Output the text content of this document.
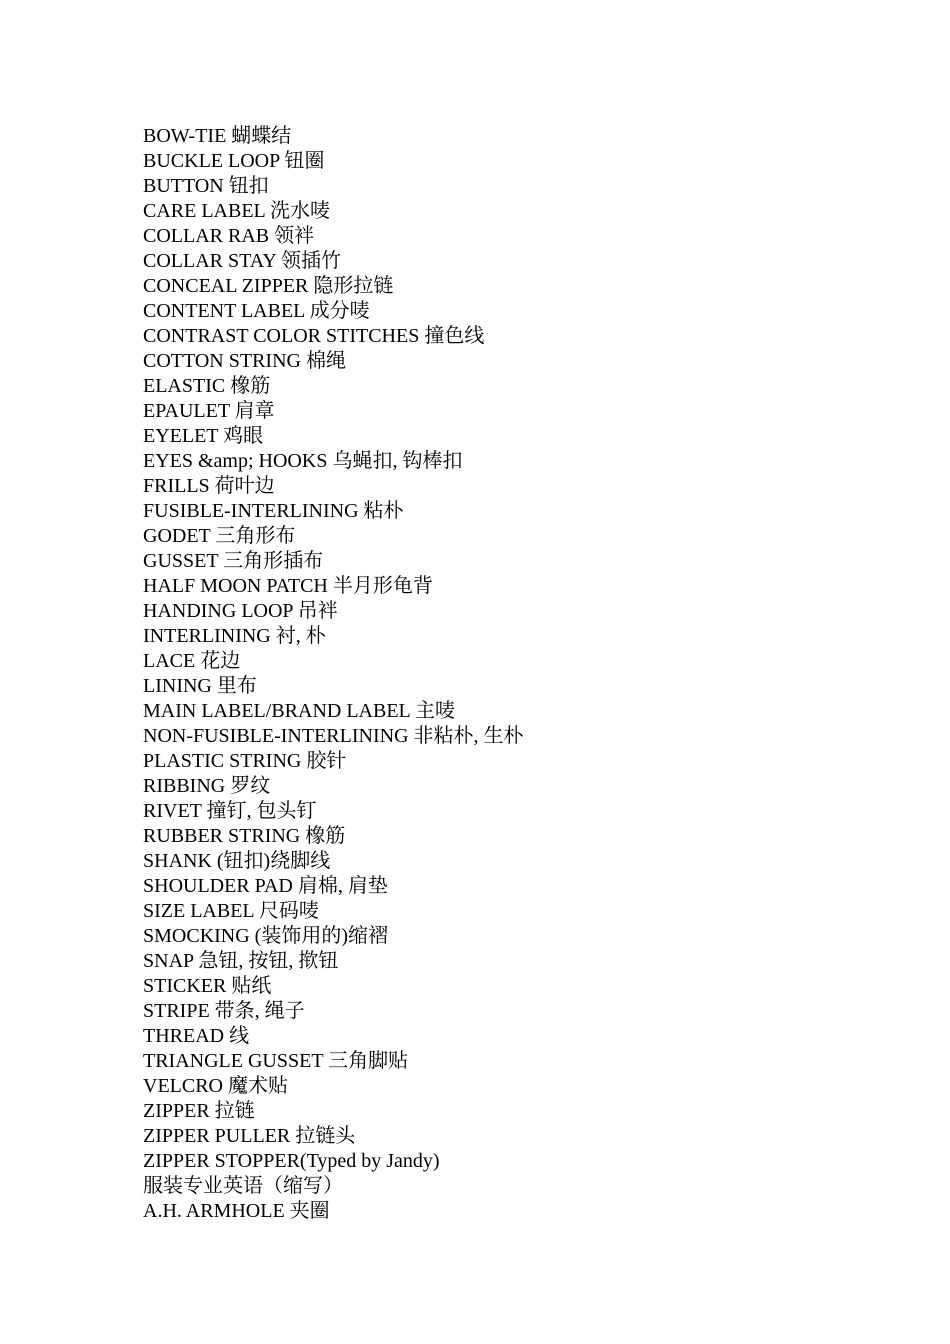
BOW-TIE 蝴蝶结
BUCKLE LOOP 钮圈
BUTTON 钮扣
CARE LABEL 洗水唛
COLLAR RAB 领袢
COLLAR STAY 领插竹
CONCEAL ZIPPER 隐形拉链
CONTENT LABEL 成分唛
CONTRAST COLOR STITCHES 撞色线
COTTON STRING 棉绳
ELASTIC 橡筋
EPAULET 肩章
EYELET 鸡眼
EYES &amp; HOOKS 乌蝇扣, 钩棒扣
FRILLS 荷叶边
FUSIBLE-INTERLINING 粘朴
GODET 三角形布
GUSSET 三角形插布
HALF MOON PATCH 半月形龟背
HANDING LOOP 吊袢
INTERLINING 衬, 朴
LACE 花边
LINING 里布
MAIN LABEL/BRAND LABEL 主唛
NON-FUSIBLE-INTERLINING 非粘朴, 生朴
PLASTIC STRING 胶针
RIBBING 罗纹
RIVET 撞钉, 包头钉
RUBBER STRING 橡筋
SHANK (钮扣)绕脚线
SHOULDER PAD 肩棉, 肩垫
SIZE LABEL 尺码唛
SMOCKING (装饰用的)缩褶
SNAP 急钮, 按钮, 揿钮
STICKER 贴纸
STRIPE 带条, 绳子
THREAD 线
TRIANGLE GUSSET 三角脚贴
VELCRO 魔术贴
ZIPPER 拉链
ZIPPER PULLER 拉链头
ZIPPER STOPPER(Typed by Jandy)
服装专业英语（缩写）
A.H. ARMHOLE 夹圈
